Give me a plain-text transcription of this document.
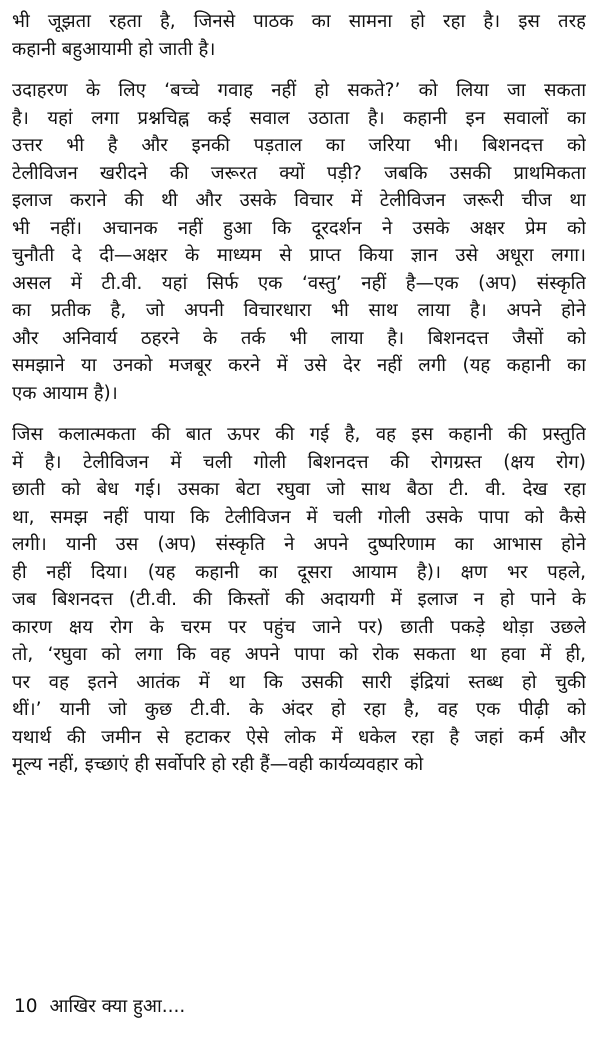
भी जूझता रहता है, जिनसे पाठक का सामना हो रहा है। इस तरह
कहानी बहुआयामी हो जाती है।
उदाहरण के लिए ‘बच्चे गवाह नहीं हो सकते?’ को लिया जा सकता
है। यहां लगा प्रश्नचिह्न कई सवाल उठाता है। कहानी इन सवालों का
उत्तर भी है और इनकी पड़ताल का जरिया भी। बिशनदत्त को
टेलीविजन खरीदने की जरूरत क्यों पड़ी? जबकि उसकी प्राथमिकता
इलाज कराने की थी और उसके विचार में टेलीविजन जरूरी चीज था
भी नहीं। अचानक नहीं हुआ कि दूरदर्शन ने उसके अक्षर प्रेम को
चुनौती दे दी—अक्षर के माध्यम से प्राप्त किया ज्ञान उसे अधूरा लगा।
असल में टी.वी. यहां सिर्फ एक ‘वस्तु’ नहीं है—एक (अप) संस्कृति
का प्रतीक है, जो अपनी विचारधारा भी साथ लाया है। अपने होने
और अनिवार्य ठहरने के तर्क भी लाया है। बिशनदत्त जैसों को
समझाने या उनको मजबूर करने में उसे देर नहीं लगी (यह कहानी का
एक आयाम है)।
जिस कलात्मकता की बात ऊपर की गई है, वह इस कहानी की प्रस्तुति
में है। टेलीविजन में चली गोली बिशनदत्त की रोगग्रस्त (क्षय रोग)
छाती को बेध गई। उसका बेटा रघुवा जो साथ बैठा टी. वी. देख रहा
था, समझ नहीं पाया कि टेलीविजन में चली गोली उसके पापा को कैसे
लगी। यानी उस (अप) संस्कृति ने अपने दुष्परिणाम का आभास होने
ही नहीं दिया। (यह कहानी का दूसरा आयाम है)। क्षण भर पहले,
जब बिशनदत्त (टी.वी. की किस्तों की अदायगी में इलाज न हो पाने के
कारण क्षय रोग के चरम पर पहुंच जाने पर) छाती पकड़े थोड़ा उछले
तो, ‘रघुवा को लगा कि वह अपने पापा को रोक सकता था हवा में ही,
पर वह इतने आतंक में था कि उसकी सारी इंद्रियां स्तब्ध हो चुकी
थीं।’ यानी जो कुछ टी.वी. के अंदर हो रहा है, वह एक पीढ़ी को
यथार्थ की जमीन से हटाकर ऐसे लोक में धकेल रहा है जहां कर्म और
मूल्य नहीं, इच्छाएं ही सर्वोपरि हो रही हैं—वही कार्यव्यवहार को
10 आखिर क्या हुआ....
